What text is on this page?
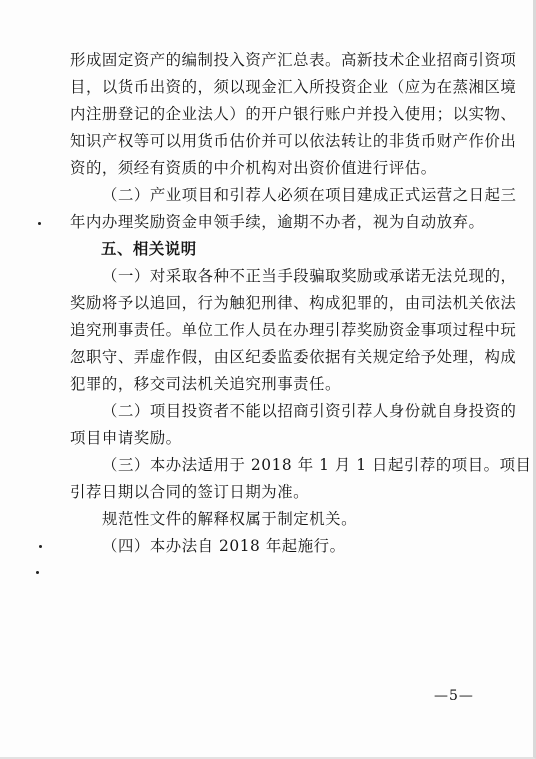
形成固定资产的编制投入资产汇总表。高新技术企业招商引资项
目，以货币出资的，须以现金汇入所投资企业（应为在蒸湘区境
内注册登记的企业法人）的开户银行账户并投入使用；以实物、
知识产权等可以用货币估价并可以依法转让的非货币财产作价出
资的，须经有资质的中介机构对出资价值进行评估。
（二）产业项目和引荐人必须在项目建成正式运营之日起三
年内办理奖励资金申领手续，逾期不办者，视为自动放弃。
五、相关说明
（一）对采取各种不正当手段骗取奖励或承诺无法兑现的，
奖励将予以追回，行为触犯刑律、构成犯罪的，由司法机关依法
追究刑事责任。单位工作人员在办理引荐奖励资金事项过程中玩
忽职守、弄虚作假，由区纪委监委依据有关规定给予处理，构成
犯罪的，移交司法机关追究刑事责任。
（二）项目投资者不能以招商引资引荐人身份就自身投资的
项目申请奖励。
（三）本办法适用于 2018 年 1 月 1 日起引荐的项目。项目
引荐日期以合同的签订日期为准。
规范性文件的解释权属于制定机关。
（四）本办法自 2018 年起施行。
—5—
